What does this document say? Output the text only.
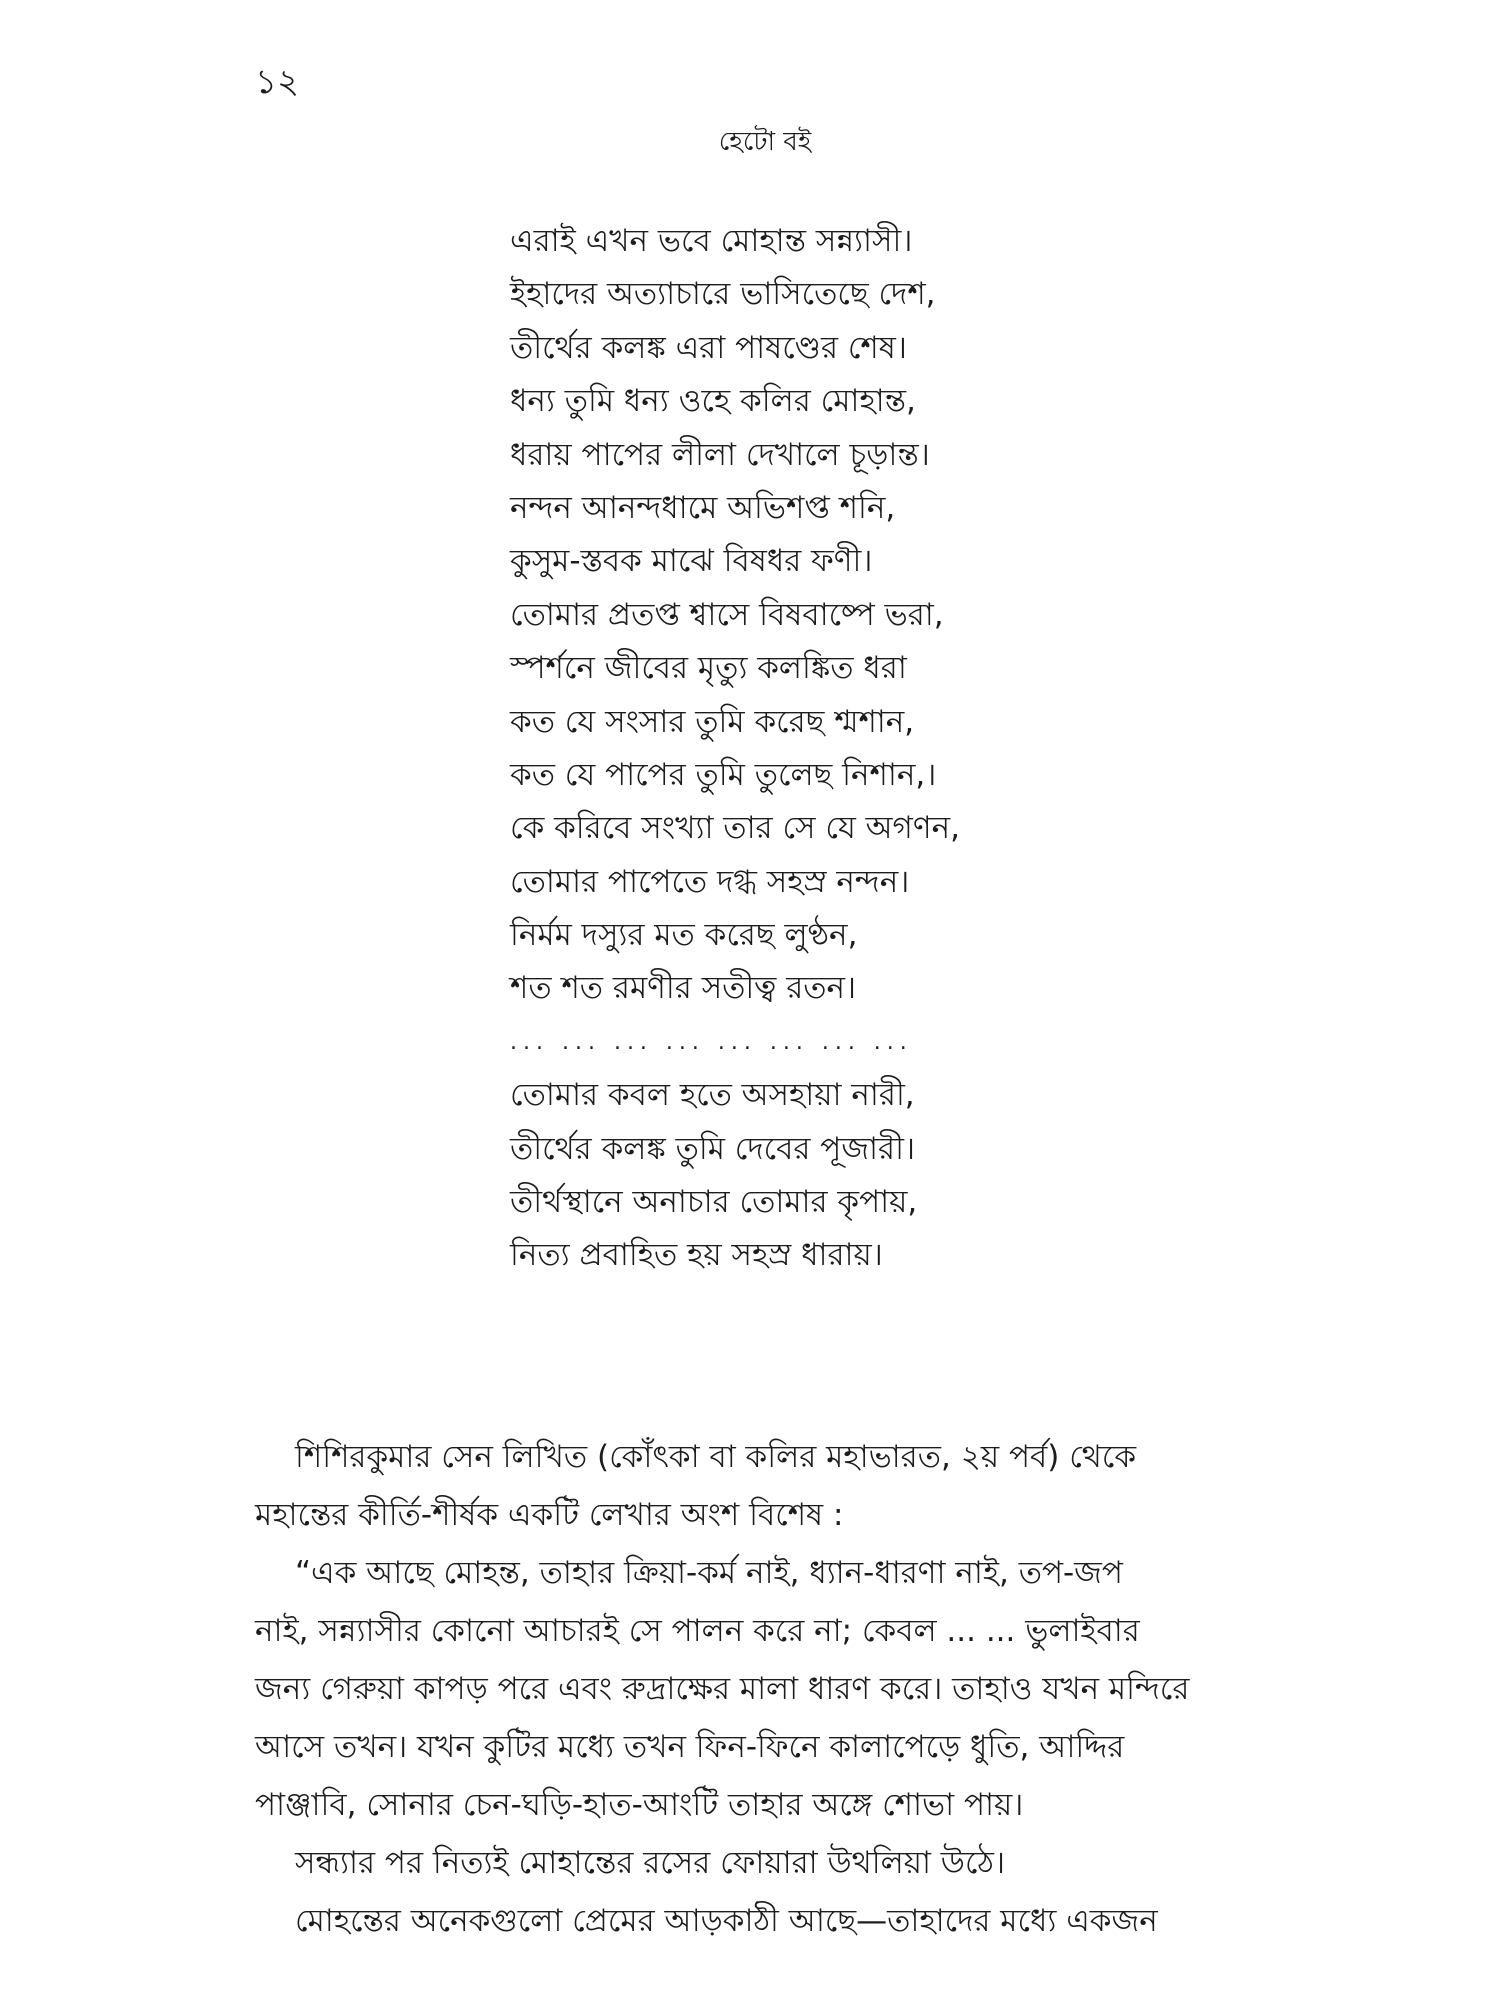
১২
হেটো বই
এরাই এখন ভবে মোহান্ত সন্ন্যাসী।
ইহাদের অত্যাচারে ভাসিতেছে দেশ,
তীর্থের কলঙ্ক এরা পাষণ্ডের শেষ।
ধন্য তুমি ধন্য ওহে কলির মোহান্ত,
ধরায় পাপের লীলা দেখালে চূড়ান্ত।
নন্দন আনন্দধামে অভিশপ্ত শনি,
কুসুম-স্তবক মাঝে বিষধর ফণী।
তোমার প্রতপ্ত শ্বাসে বিষবাষ্পে ভরা,
স্পর্শনে জীবের মৃত্যু কলঙ্কিত ধরা
কত যে সংসার তুমি করেছ শ্মশান,
কত যে পাপের তুমি তুলেছ নিশান,।
কে করিবে সংখ্যা তার সে যে অগণন,
তোমার পাপেতে দগ্ধ সহস্র নন্দন।
নির্মম দস্যুর মত করেছ লুণ্ঠন,
শত শত রমণীর সতীত্ব রতন।
... ... ... ... ... ... ... ...
তোমার কবল হতে অসহায়া নারী,
তীর্থের কলঙ্ক তুমি দেবের পূজারী।
তীর্থস্থানে অনাচার তোমার কৃপায়,
নিত্য প্রবাহিত হয় সহস্র ধারায়।

শিশিরকুমার সেন লিখিত (কোঁৎকা বা কলির মহাভারত, ২য় পর্ব) থেকে
মহান্তের কীর্তি-শীর্ষক একটি লেখার অংশ বিশেষ :

“এক আছে মোহন্ত, তাহার ক্রিয়া-কর্ম নাই, ধ্যান-ধারণা নাই, তপ-জপ
নাই, সন্ন্যাসীর কোনো আচারই সে পালন করে না; কেবল ... ... ভুলাইবার
জন্য গেরুয়া কাপড় পরে এবং রুদ্রাক্ষের মালা ধারণ করে। তাহাও যখন মন্দিরে
আসে তখন। যখন কুটির মধ্যে তখন ফিন-ফিনে কালাপেড়ে ধুতি, আদ্দির
পাঞ্জাবি, সোনার চেন-ঘড়ি-হাত-আংটি তাহার অঙ্গে শোভা পায়।

সন্ধ্যার পর নিত্যই মোহান্তের রসের ফোয়ারা উথলিয়া উঠে।

মোহন্তের অনেকগুলো প্রেমের আড়কাঠী আছে—তাহাদের মধ্যে একজন
